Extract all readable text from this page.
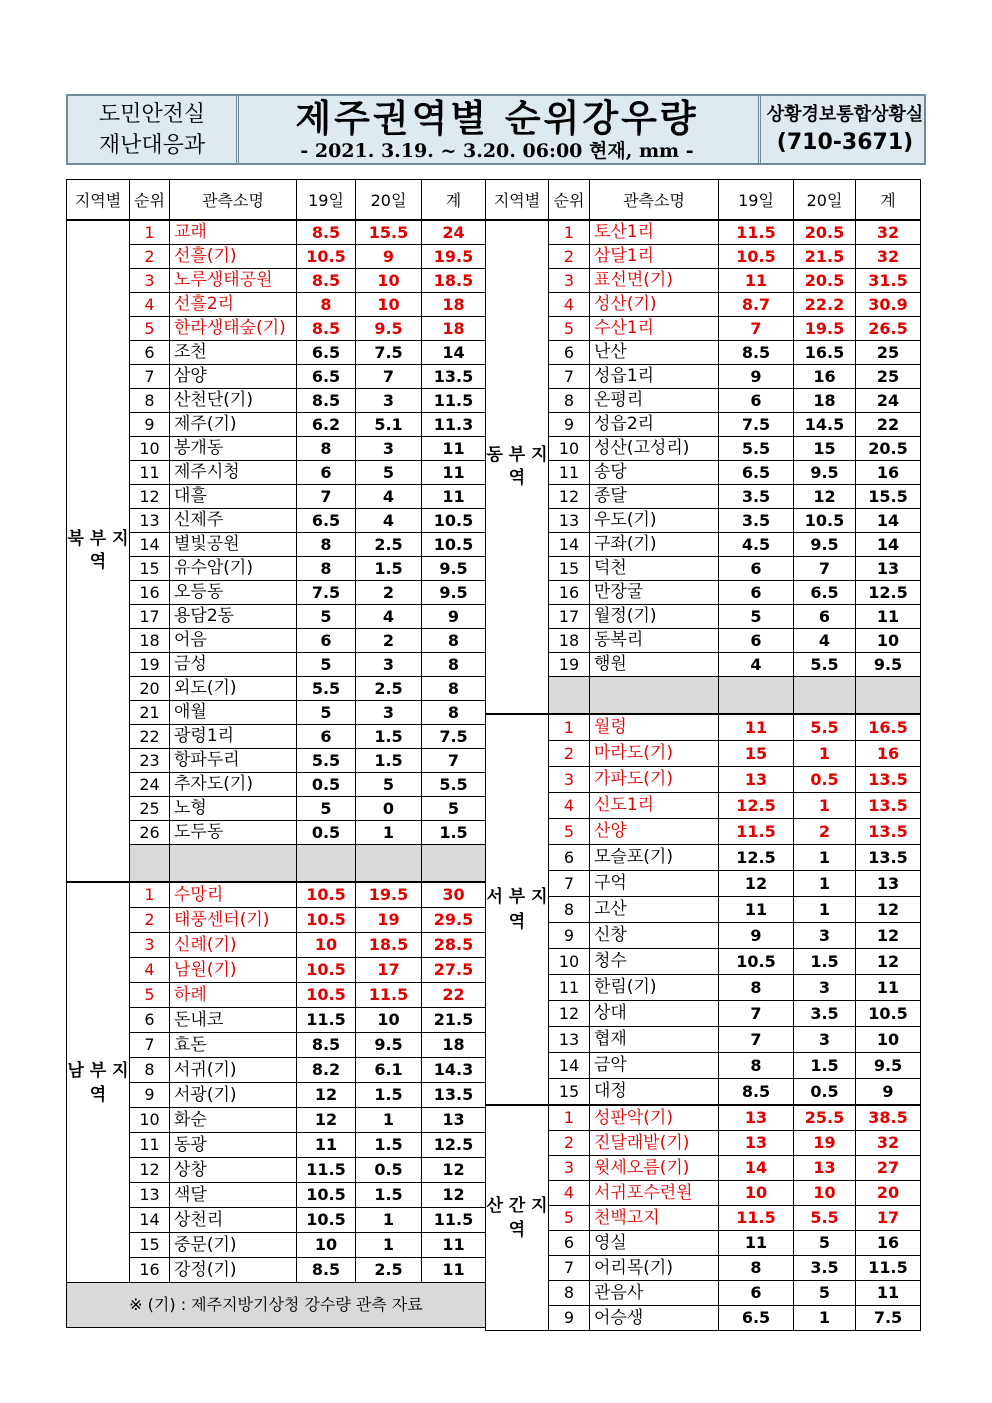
도민안전실
재난대응과
제주권역별 순위강우량
- 2021. 3.19. ~ 3.20. 06:00 현재, mm -
상황경보통합상황실
(710-3671)
지역별	순위	관측소명	19일	20일	계
북 부 지 역	1	교래	8.5	15.5	24
	2	선흘(기)	10.5	9	19.5
	3	노루생태공원	8.5	10	18.5
	4	선흘2리	8	10	18
	5	한라생태숲(기)	8.5	9.5	18
	6	조천	6.5	7.5	14
	7	삼양	6.5	7	13.5
	8	산천단(기)	8.5	3	11.5
	9	제주(기)	6.2	5.1	11.3
	10	봉개동	8	3	11
	11	제주시청	6	5	11
	12	대흘	7	4	11
	13	신제주	6.5	4	10.5
	14	별빛공원	8	2.5	10.5
	15	유수암(기)	8	1.5	9.5
	16	오등동	7.5	2	9.5
	17	용담2동	5	4	9
	18	어음	6	2	8
	19	금성	5	3	8
	20	외도(기)	5.5	2.5	8
	21	애월	5	3	8
	22	광령1리	6	1.5	7.5
	23	항파두리	5.5	1.5	7
	24	추자도(기)	0.5	5	5.5
	25	노형	5	0	5
	26	도두동	0.5	1	1.5

남 부 지 역	1	수망리	10.5	19.5	30
	2	태풍센터(기)	10.5	19	29.5
	3	신례(기)	10	18.5	28.5
	4	남원(기)	10.5	17	27.5
	5	하례	10.5	11.5	22
	6	돈내코	11.5	10	21.5
	7	효돈	8.5	9.5	18
	8	서귀(기)	8.2	6.1	14.3
	9	서광(기)	12	1.5	13.5
	10	화순	12	1	13
	11	동광	11	1.5	12.5
	12	상창	11.5	0.5	12
	13	색달	10.5	1.5	12
	14	상천리	10.5	1	11.5
	15	중문(기)	10	1	11
	16	강정(기)	8.5	2.5	11
※ (기) : 제주지방기상청 강수량 관측 자료					
지역별	순위	관측소명	19일	20일	계
동 부 지 역	1	토산1리	11.5	20.5	32
	2	삼달1리	10.5	21.5	32
	3	표선면(기)	11	20.5	31.5
	4	성산(기)	8.7	22.2	30.9
	5	수산1리	7	19.5	26.5
	6	난산	8.5	16.5	25
	7	성읍1리	9	16	25
	8	온평리	6	18	24
	9	성읍2리	7.5	14.5	22
	10	성산(고성리)	5.5	15	20.5
	11	송당	6.5	9.5	16
	12	종달	3.5	12	15.5
	13	우도(기)	3.5	10.5	14
	14	구좌(기)	4.5	9.5	14
	15	덕천	6	7	13
	16	만장굴	6	6.5	12.5
	17	월정(기)	5	6	11
	18	동복리	6	4	10
	19	행원	4	5.5	9.5

서 부 지 역	1	월령	11	5.5	16.5
	2	마라도(기)	15	1	16
	3	가파도(기)	13	0.5	13.5
	4	신도1리	12.5	1	13.5
	5	산양	11.5	2	13.5
	6	모슬포(기)	12.5	1	13.5
	7	구억	12	1	13
	8	고산	11	1	12
	9	신창	9	3	12
	10	청수	10.5	1.5	12
	11	한림(기)	8	3	11
	12	상대	7	3.5	10.5
	13	협재	7	3	10
	14	금악	8	1.5	9.5
	15	대정	8.5	0.5	9
산 간 지 역	1	성판악(기)	13	25.5	38.5
	2	진달래밭(기)	13	19	32
	3	윗세오름(기)	14	13	27
	4	서귀포수련원	10	10	20
	5	천백고지	11.5	5.5	17
	6	영실	11	5	16
	7	어리목(기)	8	3.5	11.5
	8	관음사	6	5	11
	9	어승생	6.5	1	7.5
